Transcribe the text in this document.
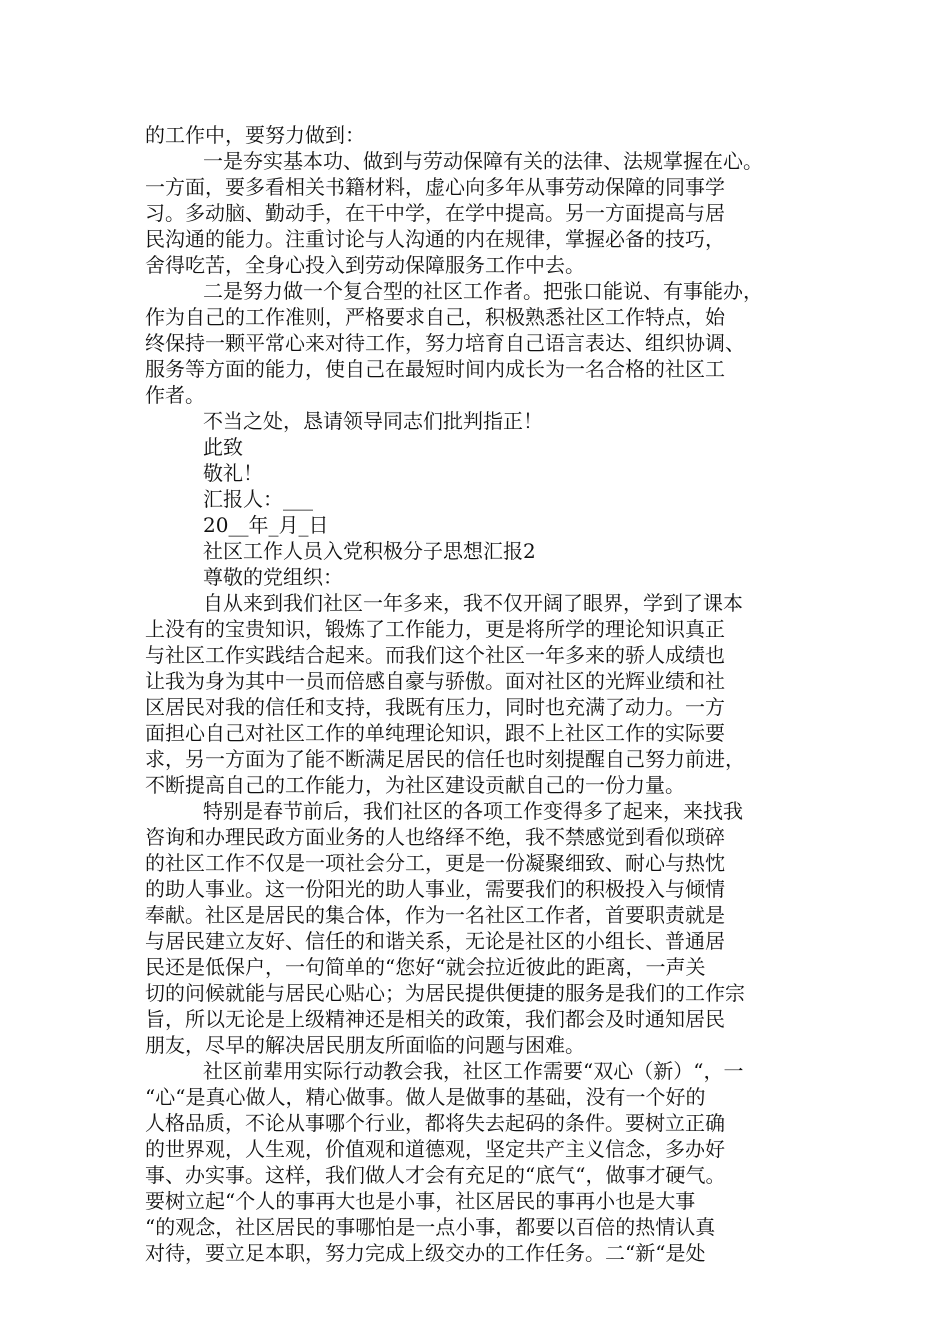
的工作中，要努力做到：
一是夯实基本功、做到与劳动保障有关的法律、法规掌握在心。
一方面，要多看相关书籍材料，虚心向多年从事劳动保障的同事学
习。多动脑、勤动手，在干中学，在学中提高。另一方面提高与居
民沟通的能力。注重讨论与人沟通的内在规律，掌握必备的技巧，
舍得吃苦，全身心投入到劳动保障服务工作中去。
二是努力做一个复合型的社区工作者。把张口能说、有事能办，
作为自己的工作准则，严格要求自己，积极熟悉社区工作特点，始
终保持一颗平常心来对待工作，努力培育自己语言表达、组织协调、
服务等方面的能力，使自己在最短时间内成长为一名合格的社区工
作者。
不当之处，恳请领导同志们批判指正！
此致
敬礼！
汇报人：___
20__年_月_日
社区工作人员入党积极分子思想汇报2
尊敬的党组织：
自从来到我们社区一年多来，我不仅开阔了眼界，学到了课本
上没有的宝贵知识，锻炼了工作能力，更是将所学的理论知识真正
与社区工作实践结合起来。而我们这个社区一年多来的骄人成绩也
让我为身为其中一员而倍感自豪与骄傲。面对社区的光辉业绩和社
区居民对我的信任和支持，我既有压力，同时也充满了动力。一方
面担心自己对社区工作的单纯理论知识，跟不上社区工作的实际要
求，另一方面为了能不断满足居民的信任也时刻提醒自己努力前进，
不断提高自己的工作能力，为社区建设贡献自己的一份力量。
特别是春节前后，我们社区的各项工作变得多了起来，来找我
咨询和办理民政方面业务的人也络绎不绝，我不禁感觉到看似琐碎
的社区工作不仅是一项社会分工，更是一份凝聚细致、耐心与热忱
的助人事业。这一份阳光的助人事业，需要我们的积极投入与倾情
奉献。社区是居民的集合体，作为一名社区工作者，首要职责就是
与居民建立友好、信任的和谐关系，无论是社区的小组长、普通居
民还是低保户，一句简单的“您好“就会拉近彼此的距离，一声关
切的问候就能与居民心贴心；为居民提供便捷的服务是我们的工作宗
旨，所以无论是上级精神还是相关的政策，我们都会及时通知居民
朋友，尽早的解决居民朋友所面临的问题与困难。
社区前辈用实际行动教会我，社区工作需要“双心（新）“，一
“心“是真心做人，精心做事。做人是做事的基础，没有一个好的
人格品质，不论从事哪个行业，都将失去起码的条件。要树立正确
的世界观，人生观，价值观和道德观，坚定共产主义信念，多办好
事、办实事。这样，我们做人才会有充足的“底气“，做事才硬气。
要树立起“个人的事再大也是小事，社区居民的事再小也是大事
“的观念，社区居民的事哪怕是一点小事，都要以百倍的热情认真
对待，要立足本职，努力完成上级交办的工作任务。二“新“是处
